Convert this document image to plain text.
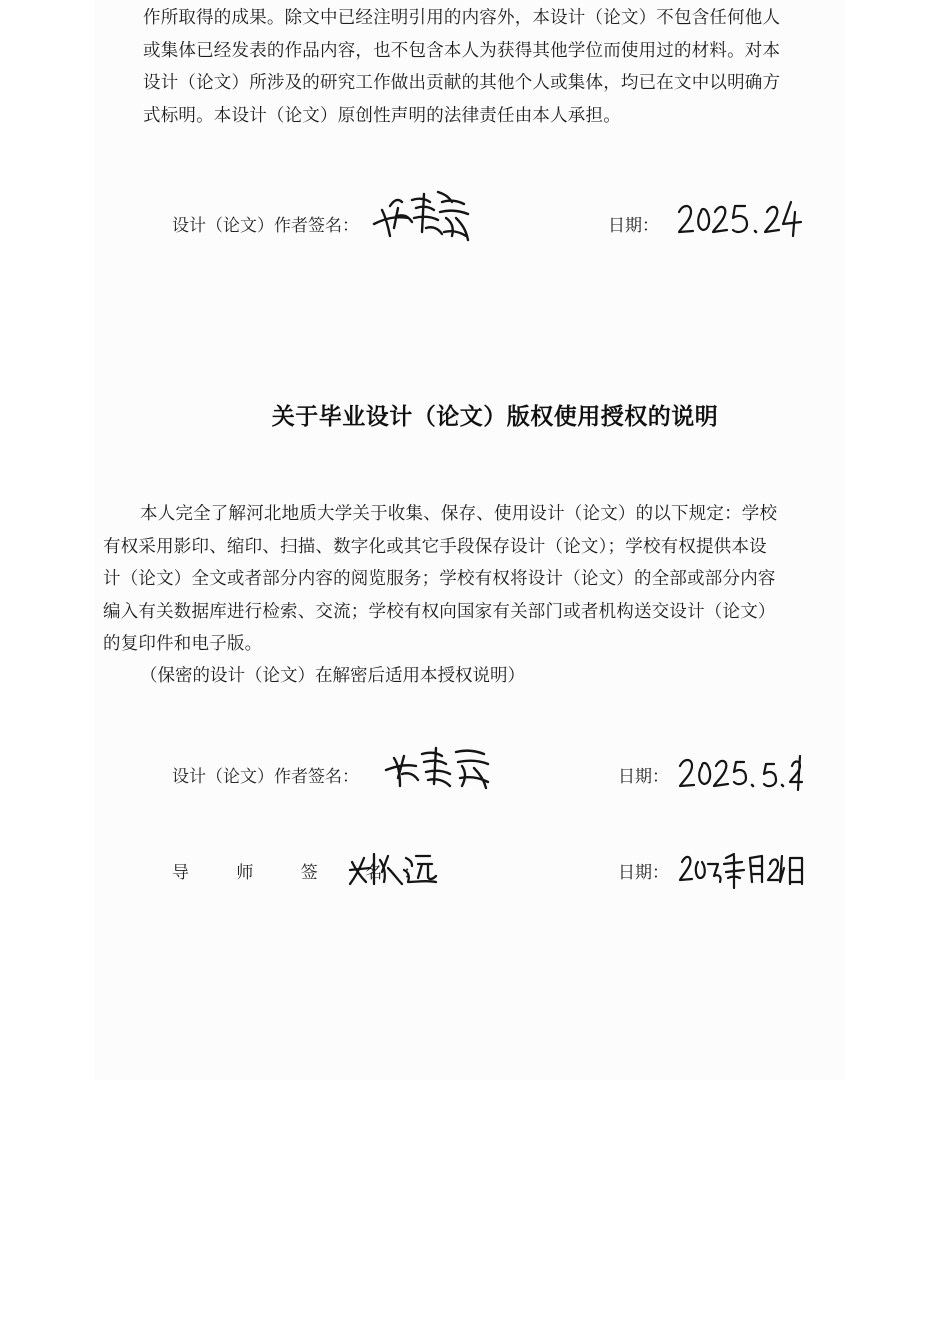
作所取得的成果。除文中已经注明引用的内容外，本设计（论文）不包含任何他人
或集体已经发表的作品内容，也不包含本人为获得其他学位而使用过的材料。对本
设计（论文）所涉及的研究工作做出贡献的其他个人或集体，均已在文中以明确方
式标明。本设计（论文）原创性声明的法律责任由本人承担。
设计（论文）作者签名：	日期：
关于毕业设计（论文）版权使用授权的说明
本人完全了解河北地质大学关于收集、保存、使用设计（论文）的以下规定：学校
有权采用影印、缩印、扫描、数字化或其它手段保存设计（论文）；学校有权提供本设
计（论文）全文或者部分内容的阅览服务；学校有权将设计（论文）的全部或部分内容
编入有关数据库进行检索、交流；学校有权向国家有关部门或者机构送交设计（论文）
的复印件和电子版。
（保密的设计（论文）在解密后适用本授权说明）
设计（论文）作者签名：	日期：
导 师 签 名：	日期：
